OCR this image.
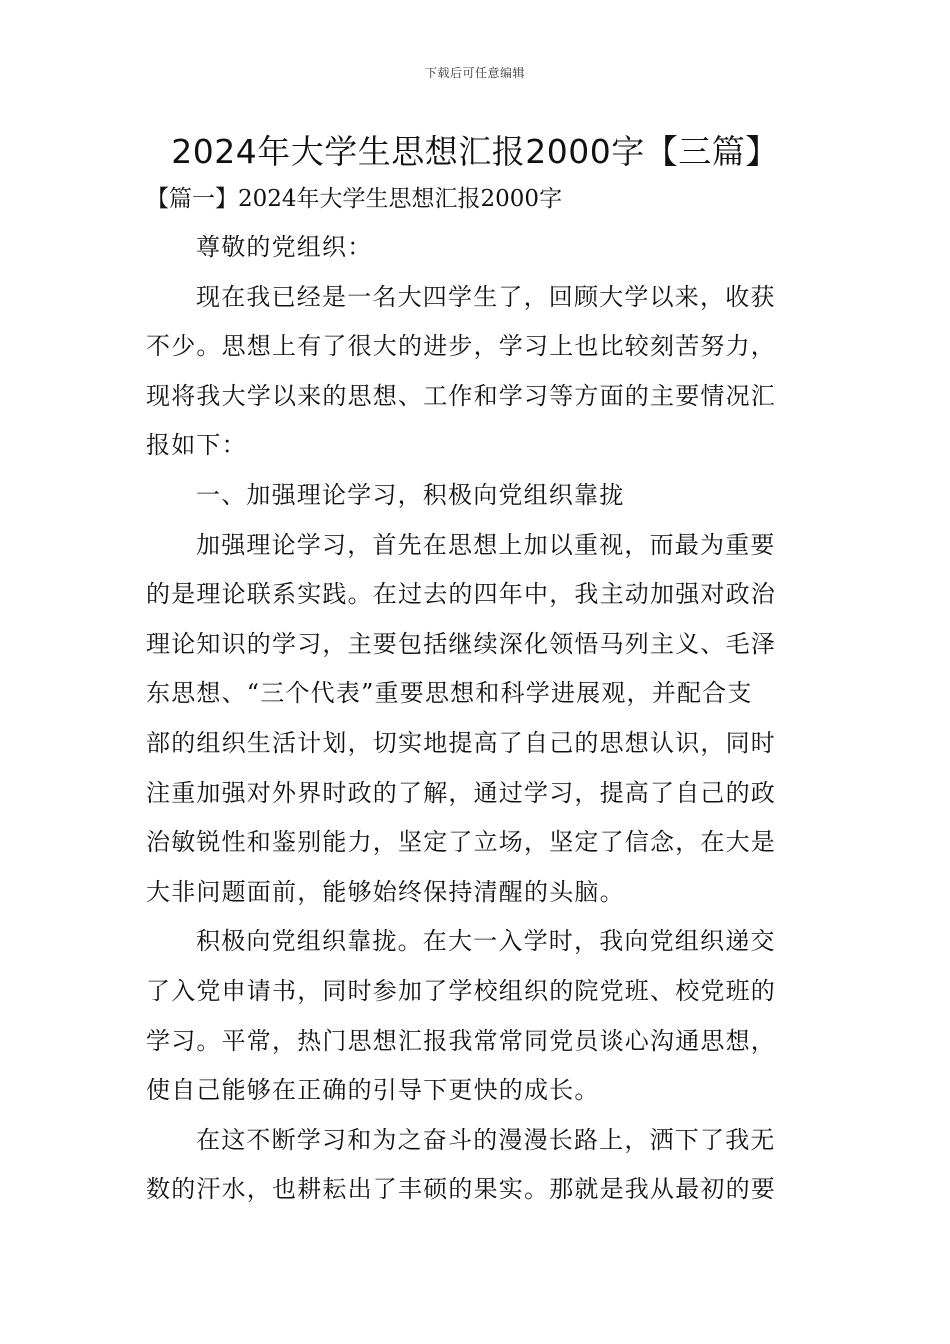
下载后可任意编辑
2024年大学生思想汇报2000字【三篇】

【篇一】2024年大学生思想汇报2000字

尊敬的党组织：

现在我已经是一名大四学生了，回顾大学以来，收获

不少。思想上有了很大的进步，学习上也比较刻苦努力，

现将我大学以来的思想、工作和学习等方面的主要情况汇

报如下：

一、加强理论学习，积极向党组织靠拢

加强理论学习，首先在思想上加以重视，而最为重要

的是理论联系实践。在过去的四年中，我主动加强对政治

理论知识的学习，主要包括继续深化领悟马列主义、毛泽

东思想、“三个代表”重要思想和科学进展观，并配合支

部的组织生活计划，切实地提高了自己的思想认识，同时

注重加强对外界时政的了解，通过学习，提高了自己的政

治敏锐性和鉴别能力，坚定了立场，坚定了信念，在大是

大非问题面前，能够始终保持清醒的头脑。

积极向党组织靠拢。在大一入学时，我向党组织递交

了入党申请书，同时参加了学校组织的院党班、校党班的

学习。平常，热门思想汇报我常常同党员谈心沟通思想，

使自己能够在正确的引导下更快的成长。

在这不断学习和为之奋斗的漫漫长路上，洒下了我无

数的汗水，也耕耘出了丰硕的果实。那就是我从最初的要
